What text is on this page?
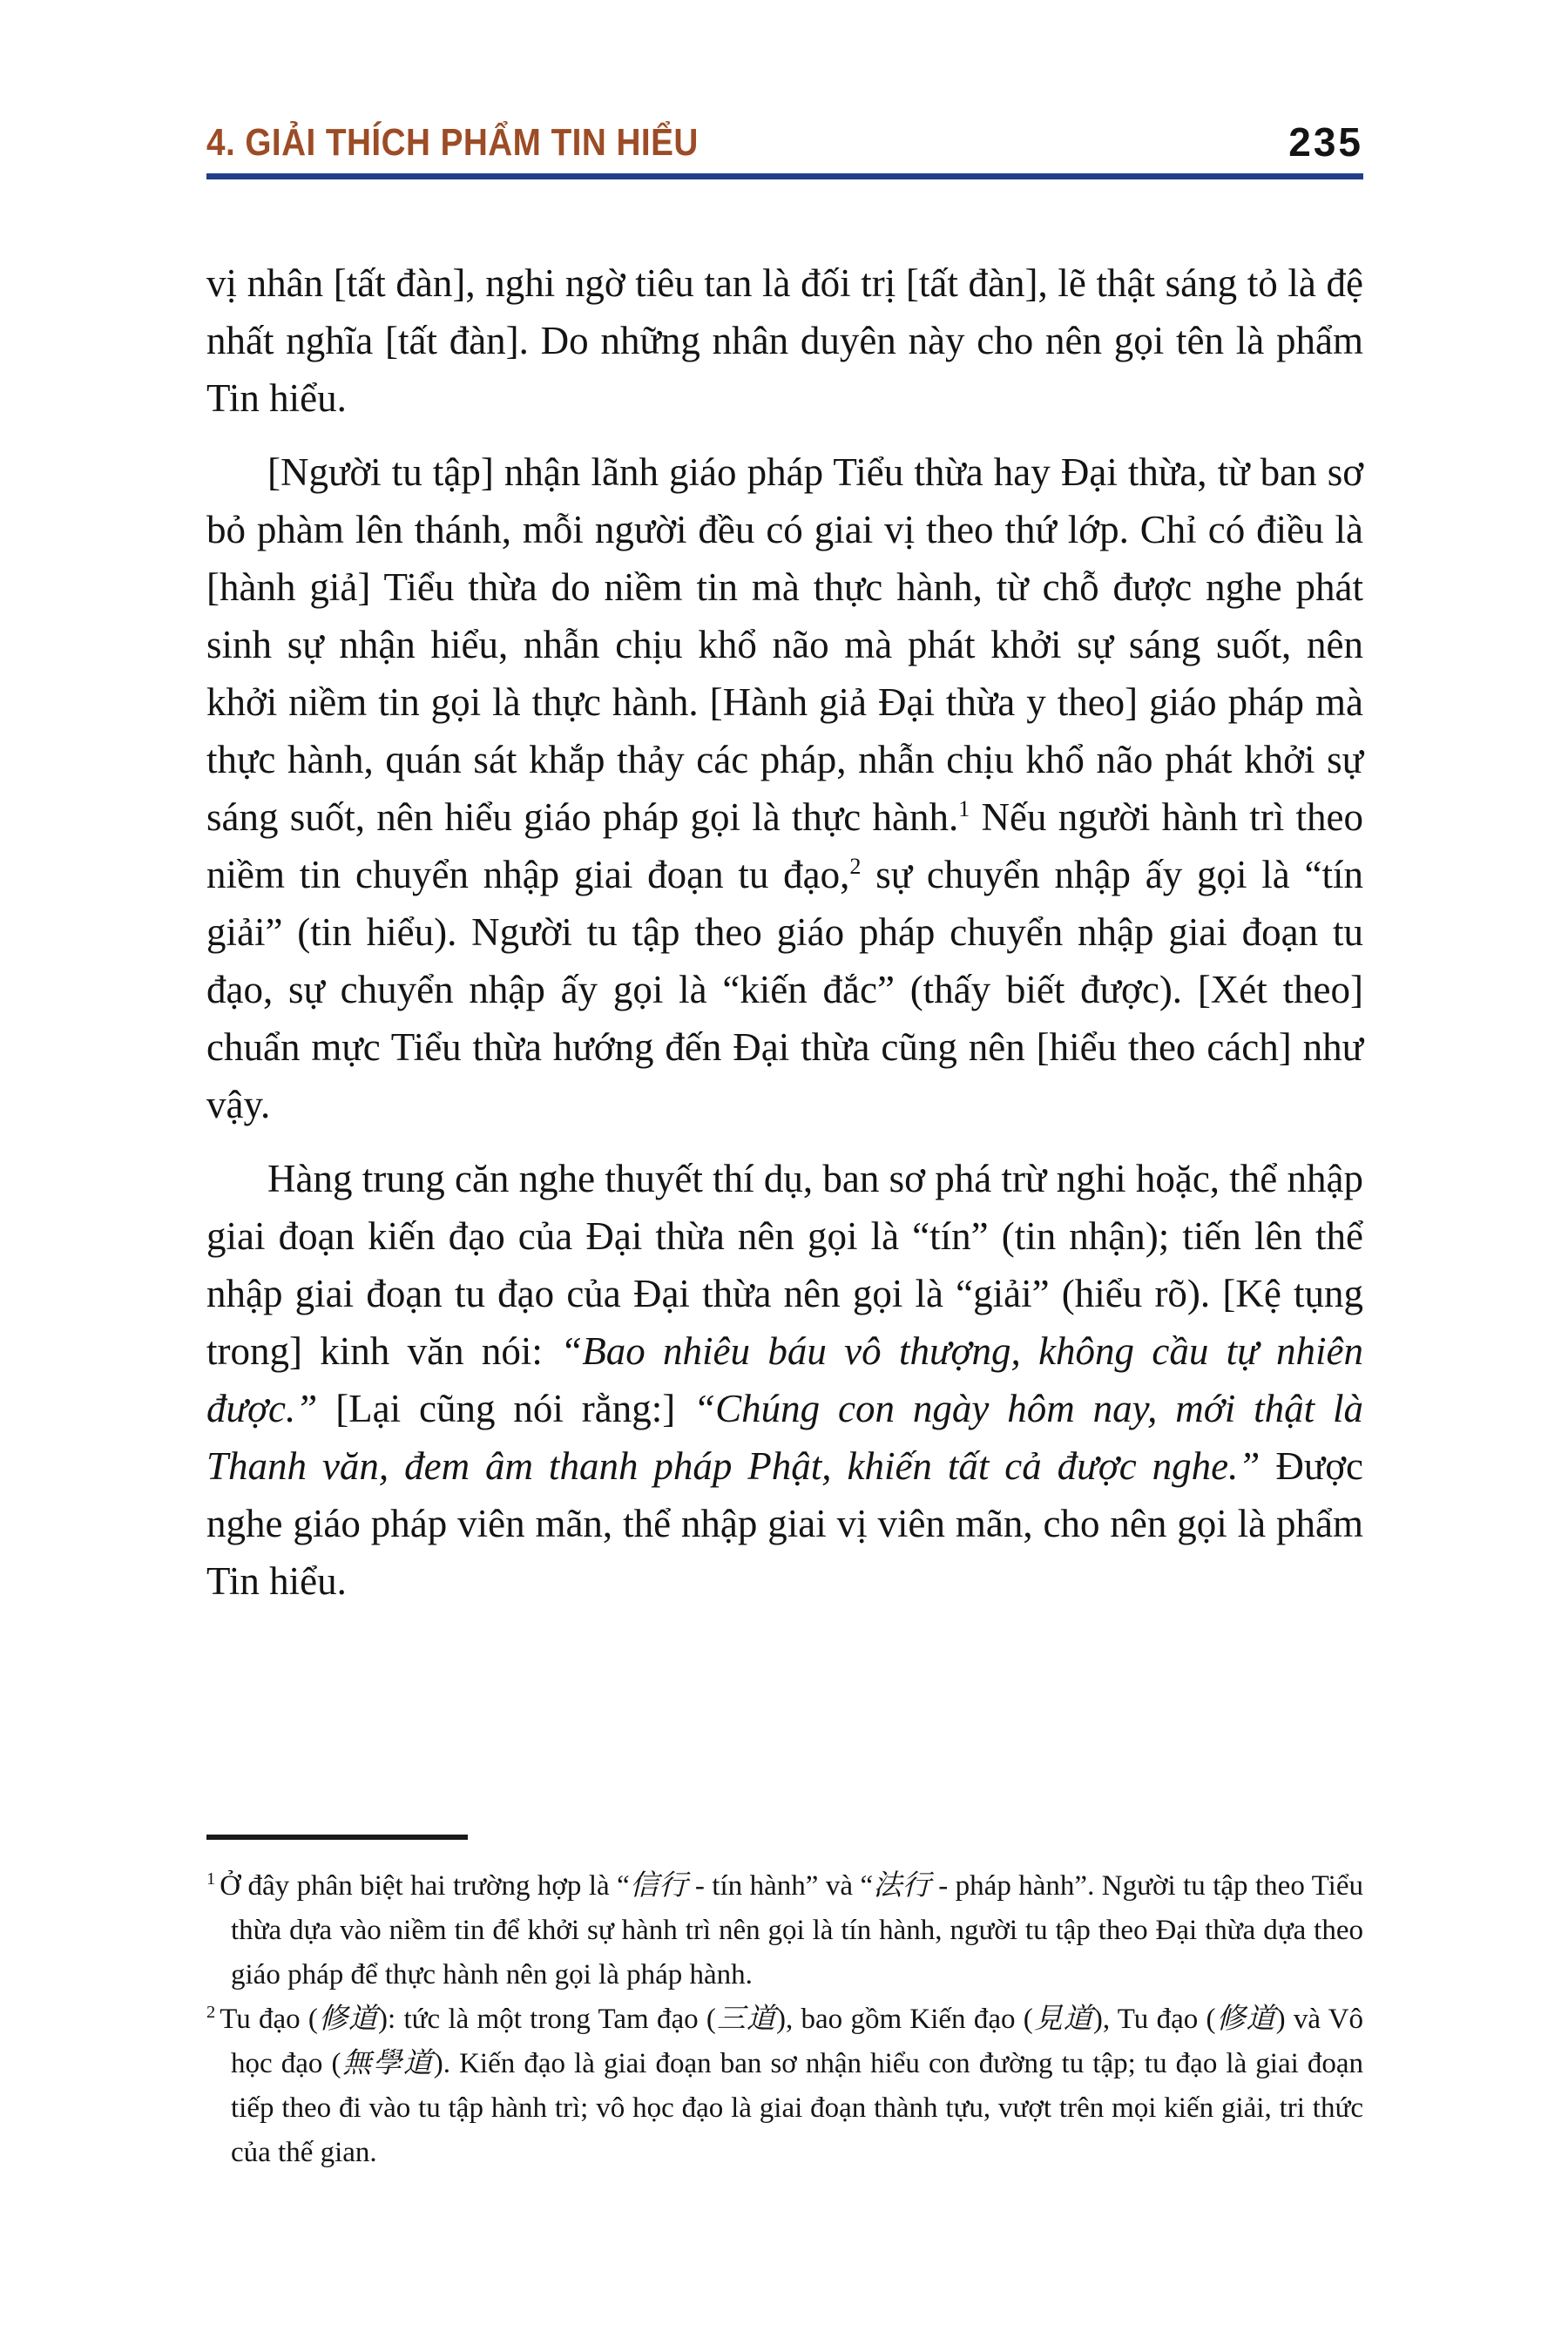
4. GIẢI THÍCH PHẨM TIN HIỂU	235

vị nhân [tất đàn], nghi ngờ tiêu tan là đối trị [tất đàn], lẽ thật sáng tỏ là đệ nhất nghĩa [tất đàn]. Do những nhân duyên này cho nên gọi tên là phẩm Tin hiểu.

[Người tu tập] nhận lãnh giáo pháp Tiểu thừa hay Đại thừa, từ ban sơ bỏ phàm lên thánh, mỗi người đều có giai vị theo thứ lớp. Chỉ có điều là [hành giả] Tiểu thừa do niềm tin mà thực hành, từ chỗ được nghe phát sinh sự nhận hiểu, nhẫn chịu khổ não mà phát khởi sự sáng suốt, nên khởi niềm tin gọi là thực hành. [Hành giả Đại thừa y theo] giáo pháp mà thực hành, quán sát khắp thảy các pháp, nhẫn chịu khổ não phát khởi sự sáng suốt, nên hiểu giáo pháp gọi là thực hành.$^1$ Nếu người hành trì theo niềm tin chuyển nhập giai đoạn tu đạo,$^2$ sự chuyển nhập ấy gọi là “tín giải” (tin hiểu). Người tu tập theo giáo pháp chuyển nhập giai đoạn tu đạo, sự chuyển nhập ấy gọi là “kiến đắc” (thấy biết được). [Xét theo] chuẩn mực Tiểu thừa hướng đến Đại thừa cũng nên [hiểu theo cách] như vậy.

Hàng trung căn nghe thuyết thí dụ, ban sơ phá trừ nghi hoặc, thể nhập giai đoạn kiến đạo của Đại thừa nên gọi là “tín” (tin nhận); tiến lên thể nhập giai đoạn tu đạo của Đại thừa nên gọi là “giải” (hiểu rõ). [Kệ tụng trong] kinh văn nói: “Bao nhiêu báu vô thượng, không cầu tự nhiên được.” [Lại cũng nói rằng:] “Chúng con ngày hôm nay, mới thật là Thanh văn, đem âm thanh pháp Phật, khiến tất cả được nghe.” Được nghe giáo pháp viên mãn, thể nhập giai vị viên mãn, cho nên gọi là phẩm Tin hiểu.

$^1$ Ở đây phân biệt hai trường hợp là “信行 - tín hành” và “法行 - pháp hành”. Người tu tập theo Tiểu thừa dựa vào niềm tin để khởi sự hành trì nên gọi là tín hành, người tu tập theo Đại thừa dựa theo giáo pháp để thực hành nên gọi là pháp hành.

$^2$ Tu đạo (修道): tức là một trong Tam đạo (三道), bao gồm Kiến đạo (見道), Tu đạo (修道) và Vô học đạo (無學道). Kiến đạo là giai đoạn ban sơ nhận hiểu con đường tu tập; tu đạo là giai đoạn tiếp theo đi vào tu tập hành trì; vô học đạo là giai đoạn thành tựu, vượt trên mọi kiến giải, tri thức của thế gian.
